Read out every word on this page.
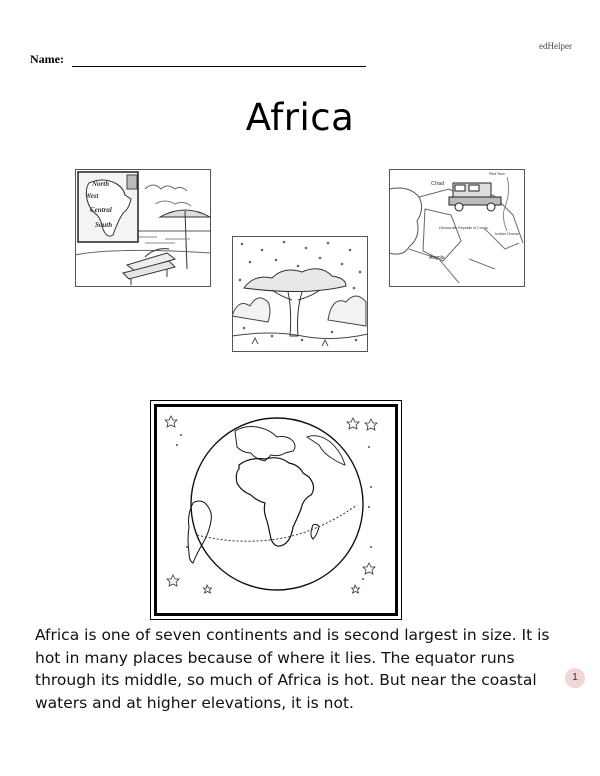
edHelper
Name:
Africa
North
West
Central
South
Chad
Democratic Republic of Congo
Angola
Indian Ocean
Red Sea

Africa is one of seven continents and is second largest in size. It is hot in many places because of where it lies. The equator runs through its middle, so much of Africa is hot. But near the coastal waters and at higher elevations, it is not.

1
